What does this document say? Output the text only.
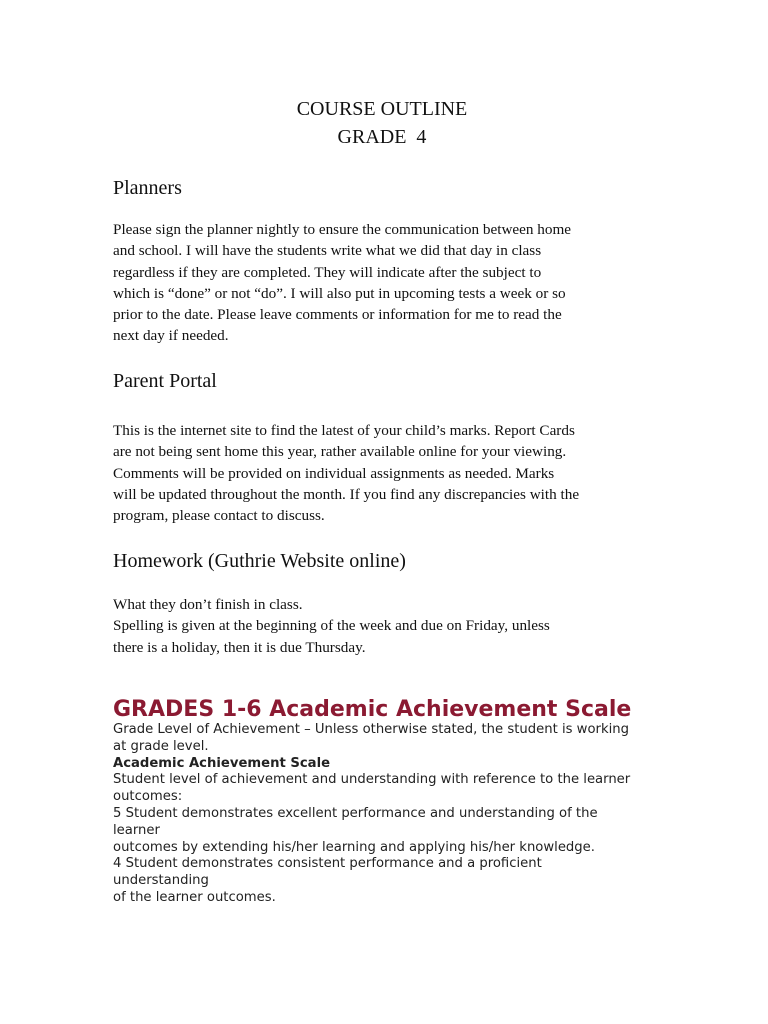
COURSE OUTLINE
GRADE  4
Planners
Please sign the planner nightly to ensure the communication between home
and school. I will have the students write what we did that day in class
regardless if they are completed. They will indicate after the subject to
which is “done” or not “do”. I will also put in upcoming tests a week or so
prior to the date. Please leave comments or information for me to read the
next day if needed.
Parent Portal
This is the internet site to find the latest of your child’s marks. Report Cards
are not being sent home this year, rather available online for your viewing.
Comments will be provided on individual assignments as needed. Marks
will be updated throughout the month. If you find any discrepancies with the
program, please contact to discuss.
Homework (Guthrie Website online)
What they don’t finish in class.
Spelling is given at the beginning of the week and due on Friday, unless
there is a holiday, then it is due Thursday.
GRADES 1-6 Academic Achievement Scale
Grade Level of Achievement – Unless otherwise stated, the student is working
at grade level.
Academic Achievement Scale
Student level of achievement and understanding with reference to the learner
outcomes:
5 Student demonstrates excellent performance and understanding of the
learner
outcomes by extending his/her learning and applying his/her knowledge.
4 Student demonstrates consistent performance and a proficient
understanding
of the learner outcomes.
